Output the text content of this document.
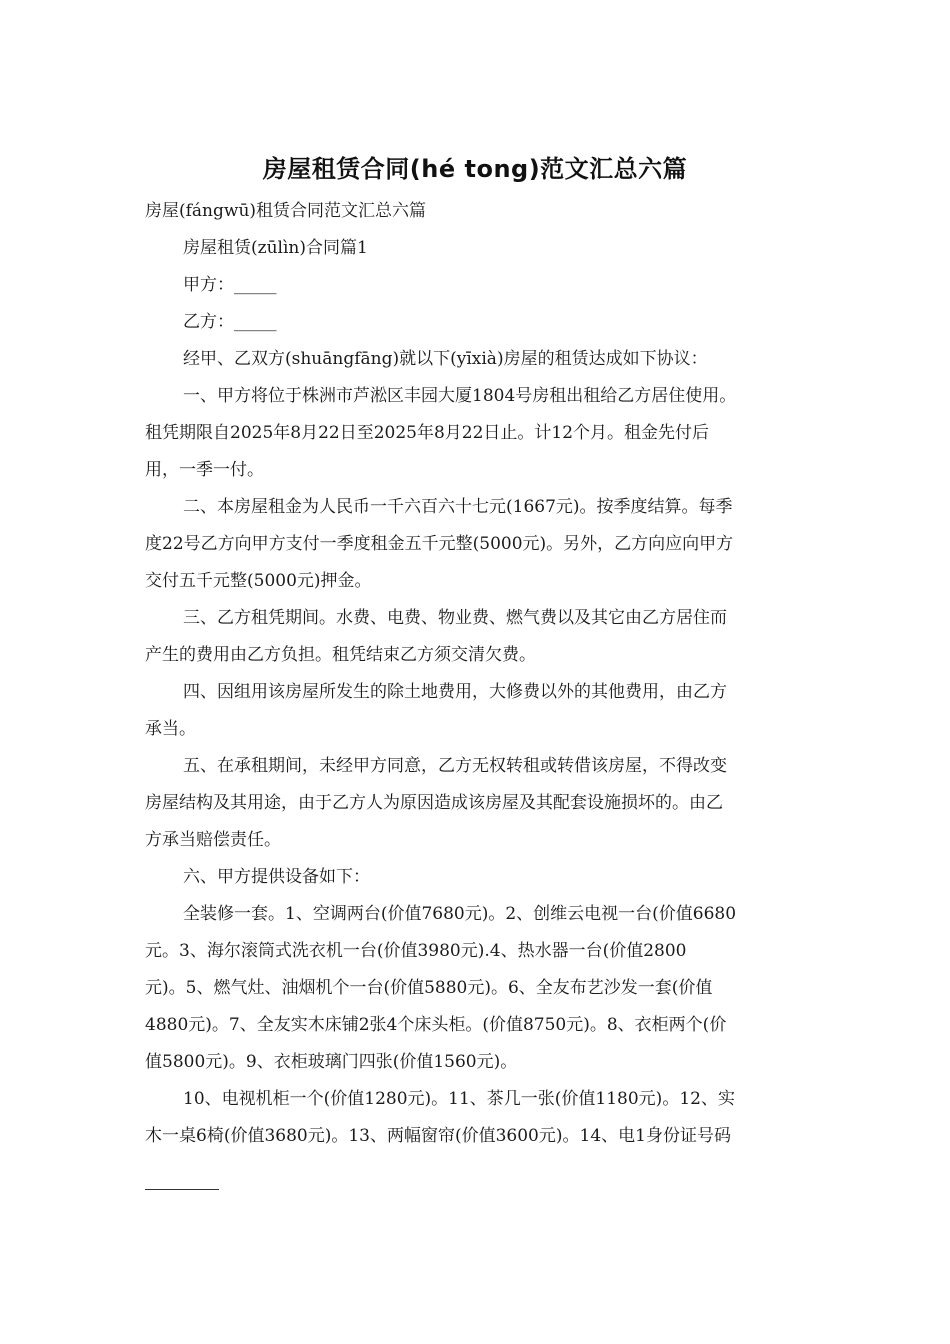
房屋租赁合同(hé tong)范文汇总六篇

房屋(fángwū)租赁合同范文汇总六篇

房屋租赁(zūlìn)合同篇1

甲方：_____

乙方：_____

经甲、乙双方(shuāngfāng)就以下(yīxià)房屋的租赁达成如下协议：

一、甲方将位于株洲市芦淞区丰园大厦1804号房租出租给乙方居住使用。
租凭期限自2025年8月22日至2025年8月22日止。计12个月。租金先付后
用，一季一付。

二、本房屋租金为人民币一千六百六十七元(1667元)。按季度结算。每季
度22号乙方向甲方支付一季度租金五千元整(5000元)。另外，乙方向应向甲方
交付五千元整(5000元)押金。

三、乙方租凭期间。水费、电费、物业费、燃气费以及其它由乙方居住而
产生的费用由乙方负担。租凭结束乙方须交清欠费。

四、因组用该房屋所发生的除土地费用，大修费以外的其他费用，由乙方
承当。

五、在承租期间，未经甲方同意，乙方无权转租或转借该房屋，不得改变
房屋结构及其用途，由于乙方人为原因造成该房屋及其配套设施损坏的。由乙
方承当赔偿责任。

六、甲方提供设备如下：

全装修一套。1、空调两台(价值7680元)。2、创维云电视一台(价值6680
元。3、海尔滚筒式洗衣机一台(价值3980元).4、热水器一台(价值2800
元)。5、燃气灶、油烟机个一台(价值5880元)。6、全友布艺沙发一套(价值
4880元)。7、全友实木床铺2张4个床头柜。(价值8750元)。8、衣柜两个(价
值5800元)。9、衣柜玻璃门四张(价值1560元)。

10、电视机柜一个(价值1280元)。11、茶几一张(价值1180元)。12、实
木一桌6椅(价值3680元)。13、两幅窗帘(价值3600元)。14、电1身份证号码
